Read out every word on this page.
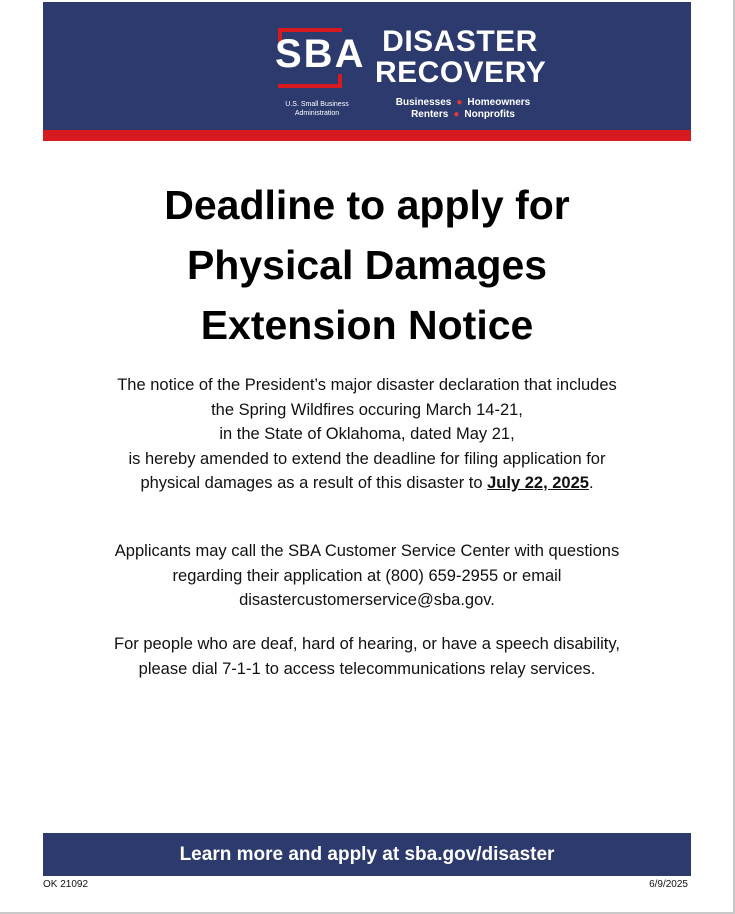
SBA
U.S. Small Business
Administration
DISASTER
RECOVERY
Businesses ● Homeowners
Renters ● Nonprofits
Deadline to apply for
Physical Damages
Extension Notice
The notice of the President’s major disaster declaration that includes
the Spring Wildfires occuring March 14-21,
in the State of Oklahoma, dated May 21,
is hereby amended to extend the deadline for filing application for
physical damages as a result of this disaster to July 22, 2025.
Applicants may call the SBA Customer Service Center with questions
regarding their application at (800) 659-2955 or email
disastercustomerservice@sba.gov.
For people who are deaf, hard of hearing, or have a speech disability,
please dial 7-1-1 to access telecommunications relay services.
Learn more and apply at sba.gov/disaster
OK 21092	6/9/2025
